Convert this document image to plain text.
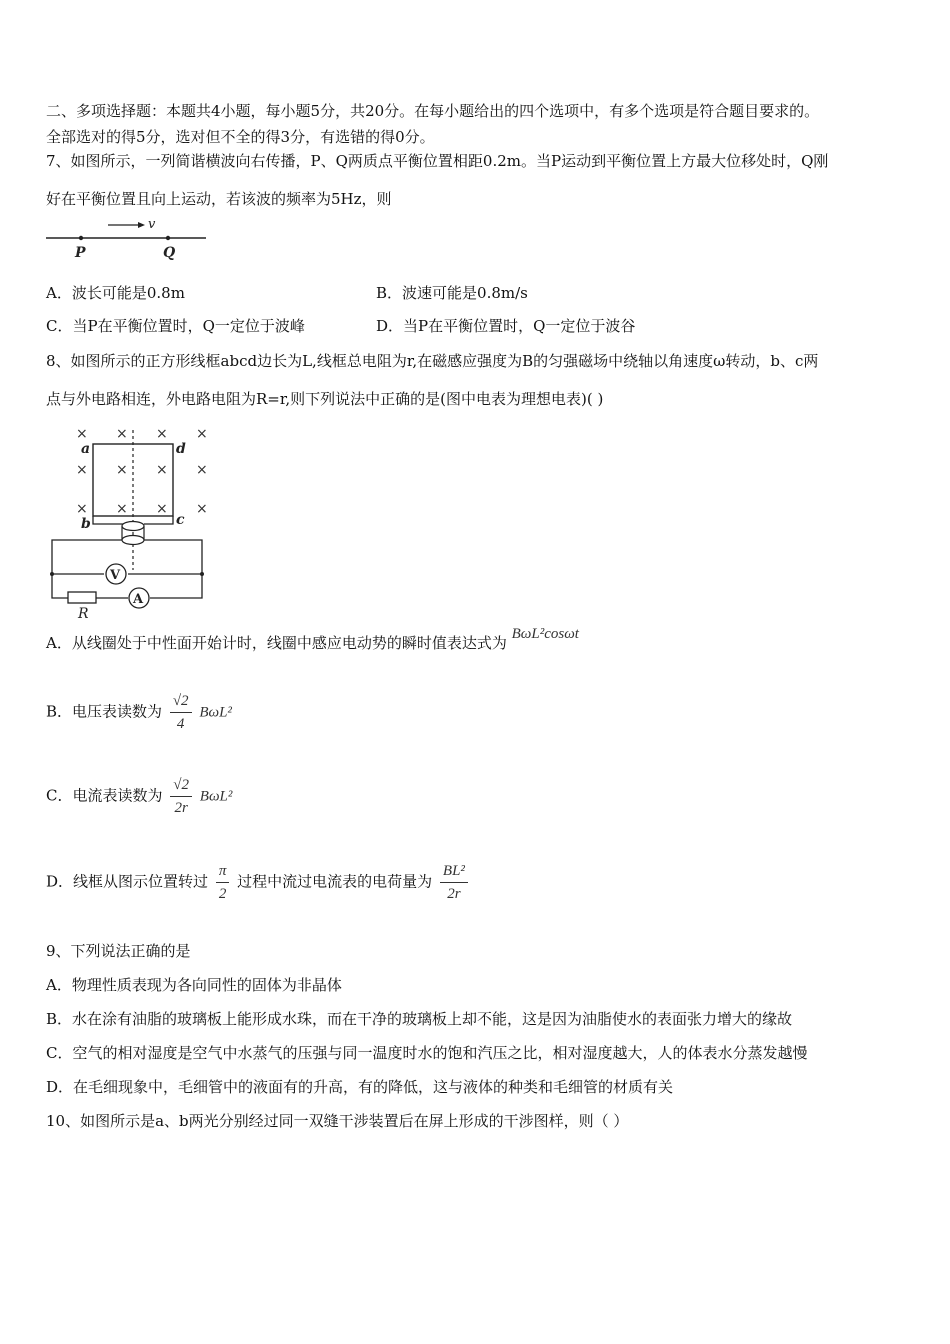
二、多项选择题：本题共4小题，每小题5分，共20分。在每小题给出的四个选项中，有多个选项是符合题目要求的。
全部选对的得5分，选对但不全的得3分，有选错的得0分。
7、如图所示，一列简谐横波向右传播，P、Q两质点平衡位置相距0.2m。当P运动到平衡位置上方最大位移处时，Q刚
好在平衡位置且向上运动，若该波的频率为5Hz，则
v
P	Q
A．波长可能是0.8m	B．波速可能是0.8m/s
C．当P在平衡位置时，Q一定位于波峰	D．当P在平衡位置时，Q一定位于波谷
8、如图所示的正方形线框abcd边长为L,线框总电阻为r,在磁感应强度为B的匀强磁场中绕轴以角速度ω转动，b、c两
点与外电路相连，外电路电阻为R=r,则下列说法中正确的是(图中电表为理想电表)( )
× × × ×
× × × ×
× × × ×
V
R
A
a	d
b	c
A．从线圈处于中性面开始计时，线圈中感应电动势的瞬时值表达式为 BωL²cosωt
B．电压表读数为 $\frac{√2}{4} B\omega L^2$
C．电流表读数为 $\frac{√2}{2r} B\omega L^2$
D．线框从图示位置转过 $\frac{\pi}{2}$ 过程中流过电流表的电荷量为 $\frac{\text{BL²}}{2r}$
9、下列说法正确的是
A．物理性质表现为各向同性的固体为非晶体
B．水在涂有油脂的玻璃板上能形成水珠，而在干净的玻璃板上却不能，这是因为油脂使水的表面张力增大的缘故
C．空气的相对湿度是空气中水蒸气的压强与同一温度时水的饱和汽压之比，相对湿度越大，人的体表水分蒸发越慢
D．在毛细现象中，毛细管中的液面有的升高，有的降低，这与液体的种类和毛细管的材质有关
10、如图所示是a、b两光分别经过同一双缝干涉装置后在屏上形成的干涉图样，则（ ）
